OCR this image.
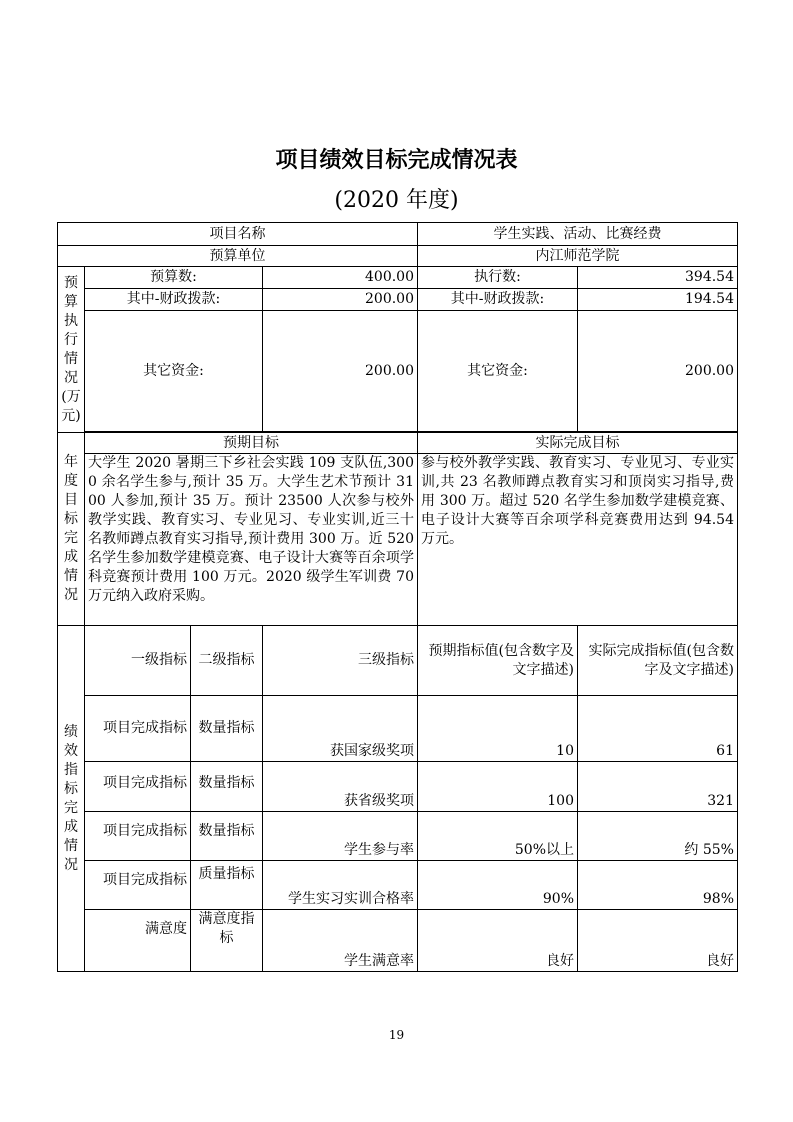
项目绩效目标完成情况表
(2020 年度)
项目名称				学生实践、活动、比赛经费	
预算单位				内江师范学院	
预算执行情况(万元)	预算数:		400.00	执行数:	394.54
	其中-财政拨款:		200.00	其中-财政拨款:	194.54
	其它资金:		200.00	其它资金:	200.00

年度目标完成情况	预期目标			实际完成目标	
	大学生 2020 暑期三下乡社会实践 109 支队伍,3000 余名学生参与,预计 35 万。大学生艺术节预计 3100 人参加,预计 35 万。预计 23500 人次参与校外教学实践、教育实习、专业见习、专业实训,近三十名教师蹲点教育实习指导,预计费用 300 万。近 520 名学生参加数学建模竞赛、电子设计大赛等百余项学科竞赛预计费用 100 万元。2020 级学生军训费 70 万元纳入政府采购。			参与校外教学实践、教育实习、专业见习、专业实训,共 23 名教师蹲点教育实习和顶岗实习指导,费用 300 万。超过 520 名学生参加数学建模竞赛、电子设计大赛等百余项学科竞赛费用达到 94.54 万元。	
绩效指标完成情况	一级指标	二级指标	三级指标	预期指标值(包含数字及文字描述)	实际完成指标值(包含数字及文字描述)
	项目完成指标	数量指标	获国家级奖项	10	61
	项目完成指标	数量指标	获省级奖项	100	321
	项目完成指标	数量指标	学生参与率	50%以上	约 55%
	项目完成指标	质量指标	学生实习实训合格率	90%	98%
	满意度	满意度指标	学生满意率	良好	良好
19
